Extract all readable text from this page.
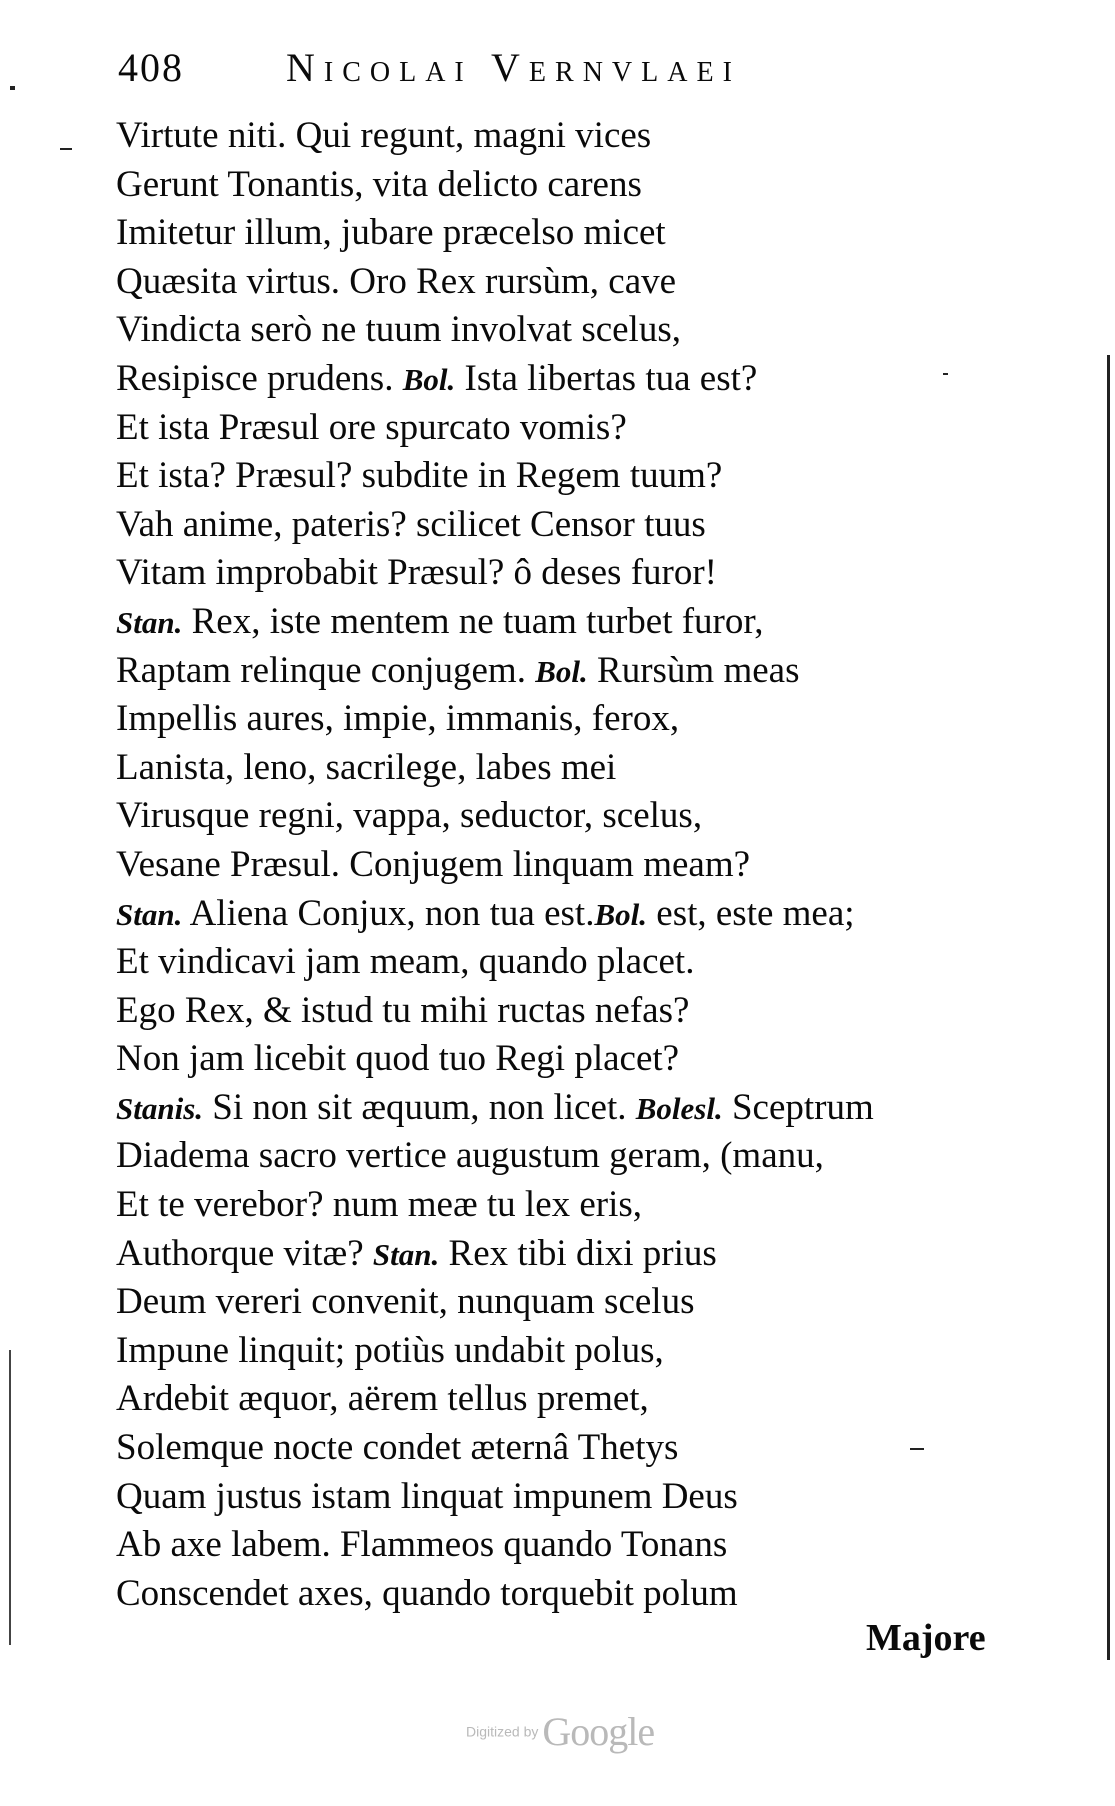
408	Nicolai Vernvlaei
Virtute niti. Qui regunt, magni vices
Gerunt Tonantis, vita delicto carens
Imitetur illum, jubare præcelso micet
Quæsita virtus. Oro Rex rursùm, cave
Vindicta serò ne tuum involvat scelus,
Resipisce prudens. Bol. Ista libertas tua est?
Et ista Præsul ore spurcato vomis?
Et ista? Præsul? subdite in Regem tuum?
Vah anime, pateris? scilicet Censor tuus
Vitam improbabit Præsul? ô deses furor!
Stan. Rex, iste mentem ne tuam turbet furor,
Raptam relinque conjugem. Bol. Rursùm meas
Impellis aures, impie, immanis, ferox,
Lanista, leno, sacrilege, labes mei
Virusque regni, vappa, seductor, scelus,
Vesane Præsul. Conjugem linquam meam?
Stan. Aliena Conjux, non tua est.Bol. est, este mea;
Et vindicavi jam meam, quando placet.
Ego Rex, & istud tu mihi ructas nefas?
Non jam licebit quod tuo Regi placet?
Stanis. Si non sit æquum, non licet. Bolesl. Sceptrum
Diadema sacro vertice augustum geram, (manu,
Et te verebor? num meæ tu lex eris,
Authorque vitæ? Stan. Rex tibi dixi prius
Deum vereri convenit, nunquam scelus
Impune linquit; potiùs undabit polus,
Ardebit æquor, aërem tellus premet,
Solemque nocte condet æternâ Thetys
Quam justus istam linquat impunem Deus
Ab axe labem. Flammeos quando Tonans
Conscendet axes, quando torquebit polum
Majore
Digitized by Google
